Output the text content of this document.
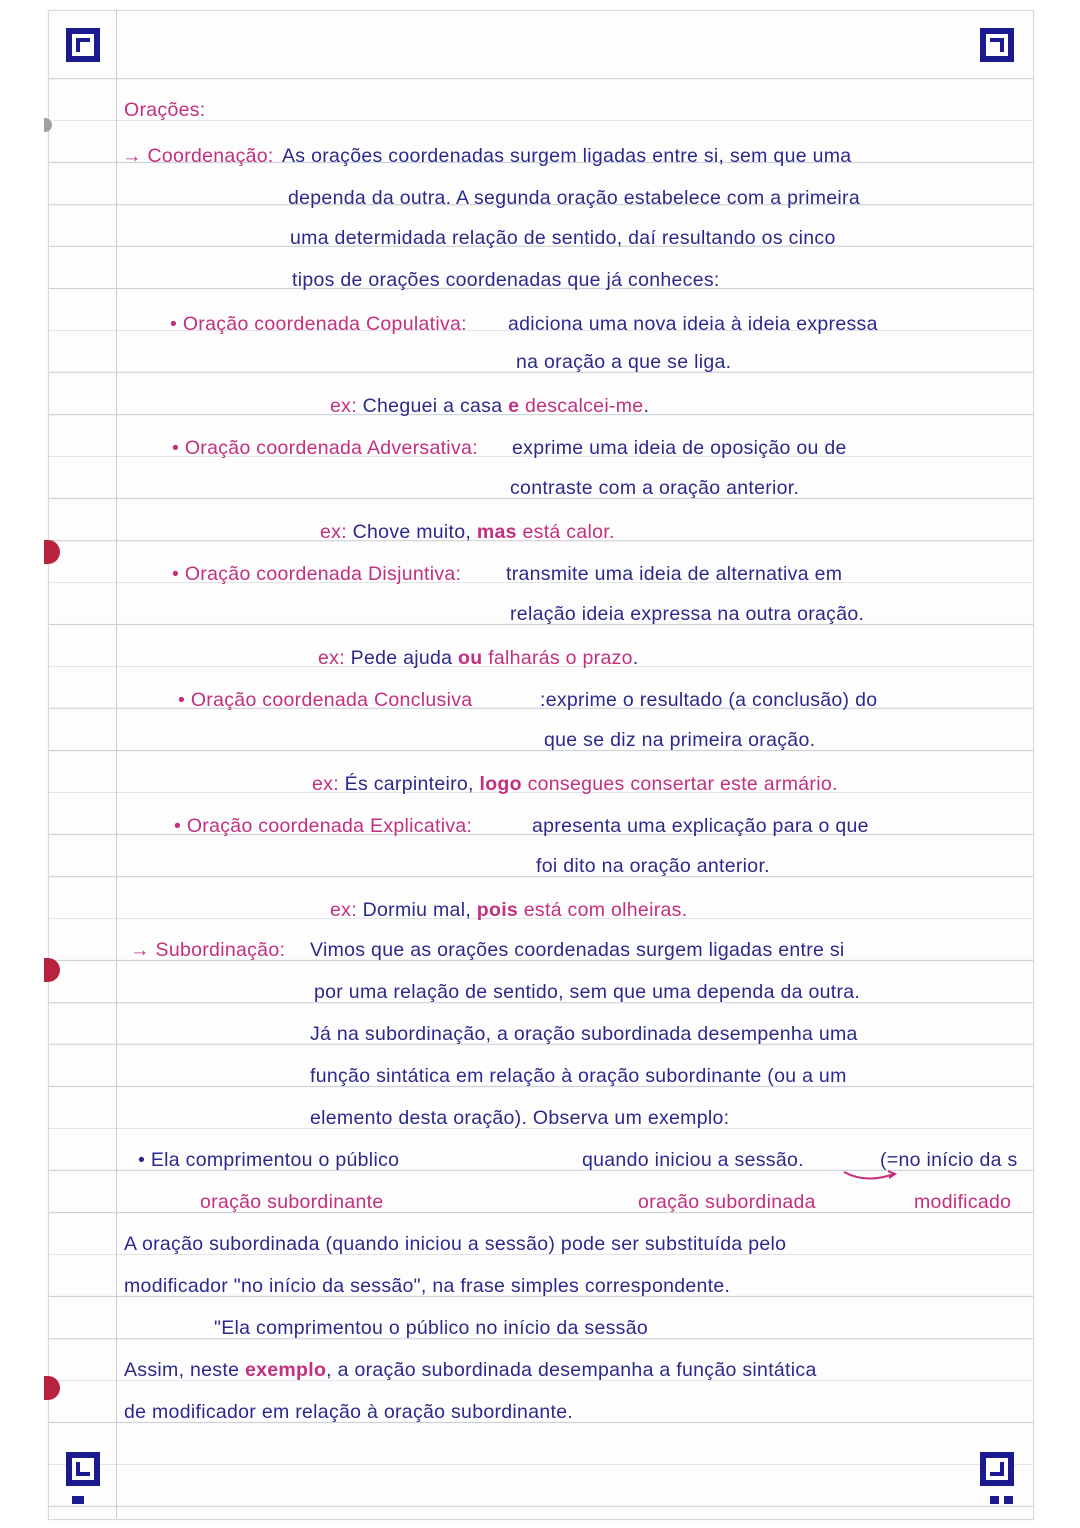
Orações:
→ Coordenação: As orações coordenadas surgem ligadas entre si, sem que uma
dependa da outra. A segunda oração estabelece com a primeira
uma determidada relação de sentido, daí resultando os cinco
tipos de orações coordenadas que já conheces:
• Oração coordenada Copulativa: adiciona uma nova ideia à ideia expressa
na oração a que se liga.
ex: Cheguei a casa e descalcei-me.
• Oração coordenada Adversativa: exprime uma ideia de oposição ou de
contraste com a oração anterior.
ex: Chove muito, mas está calor.
• Oração coordenada Disjuntiva: transmite uma ideia de alternativa em
relação ideia expressa na outra oração.
ex: Pede ajuda ou falharás o prazo.
• Oração coordenada Conclusiva	:exprime o resultado (a conclusão) do
que se diz na primeira oração.
ex: És carpinteiro, logo consegues consertar este armário.
• Oração coordenada Explicativa:	apresenta uma explicação para o que
foi dito na oração anterior.
ex: Dormiu mal, pois está com olheiras.
→ Subordinação: Vimos que as orações coordenadas surgem ligadas entre si
por uma relação de sentido, sem que uma dependa da outra.
Já na subordinação, a oração subordinada desempenha uma
função sintática em relação à oração subordinante (ou a um
elemento desta oração). Observa um exemplo:
• Ela comprimentou o público	quando iniciou a sessão.	(=no início da s
oração subordinante	oração subordinada	modificado
A oração subordinada (quando iniciou a sessão) pode ser substituída pelo
modificador "no início da sessão", na frase simples correspondente.
"Ela comprimentou o público no início da sessão
Assim, neste exemplo, a oração subordinada desempanha a função sintática
de modificador em relação à oração subordinante.
